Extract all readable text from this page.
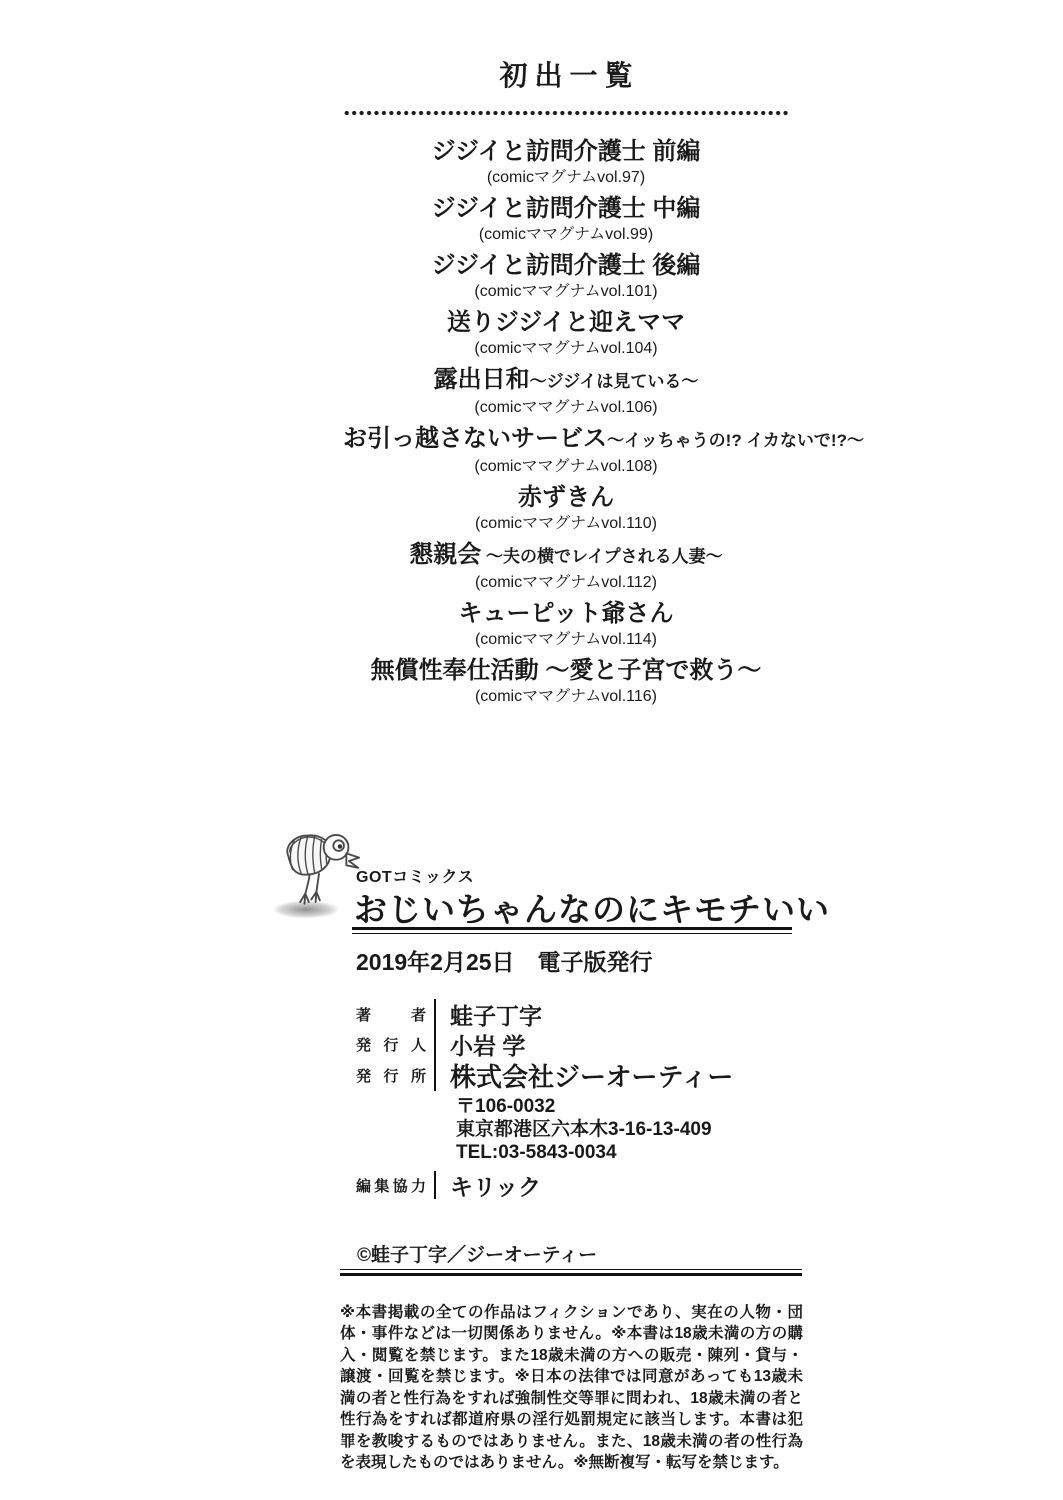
初出一覧
ジジイと訪問介護士 前編
(comicマグナムvol.97)
ジジイと訪問介護士 中編
(comicママグナムvol.99)
ジジイと訪問介護士 後編
(comicママグナムvol.101)
送りジジイと迎えママ
(comicママグナムvol.104)
露出日和～ジジイは見ている～
(comicママグナムvol.106)
お引っ越さないサービス～イッちゃうの!? イカないで!?～
(comicママグナムvol.108)
赤ずきん
(comicママグナムvol.110)
懇親会 ～夫の横でレイプされる人妻～
(comicママグナムvol.112)
キューピット爺さん
(comicママグナムvol.114)
無償性奉仕活動 ～愛と子宮で救う～
(comicママグナムvol.116)
GOTコミックス
おじいちゃんなのにキモチいい
2019年2月25日　電子版発行
著者 蛙子丁字
発行人 小岩 学
発行所 株式会社ジーオーティー
〒106-0032
東京都港区六本木3-16-13-409
TEL:03-5843-0034
編集協力 キリック
©蛙子丁字／ジーオーティー

※本書掲載の全ての作品はフィクションであり、実在の人物・団体・事件などは一切関係ありません。※本書は18歳未満の方の購入・閲覧を禁じます。また18歳未満の方への販売・陳列・貸与・譲渡・回覧を禁じます。※日本の法律では同意があっても13歳未満の者と性行為をすれば強制性交等罪に問われ、18歳未満の者と性行為をすれば都道府県の淫行処罰規定に該当します。本書は犯罪を教唆するものではありません。また、18歳未満の者の性行為を表現したものではありません。※無断複写・転写を禁じます。
